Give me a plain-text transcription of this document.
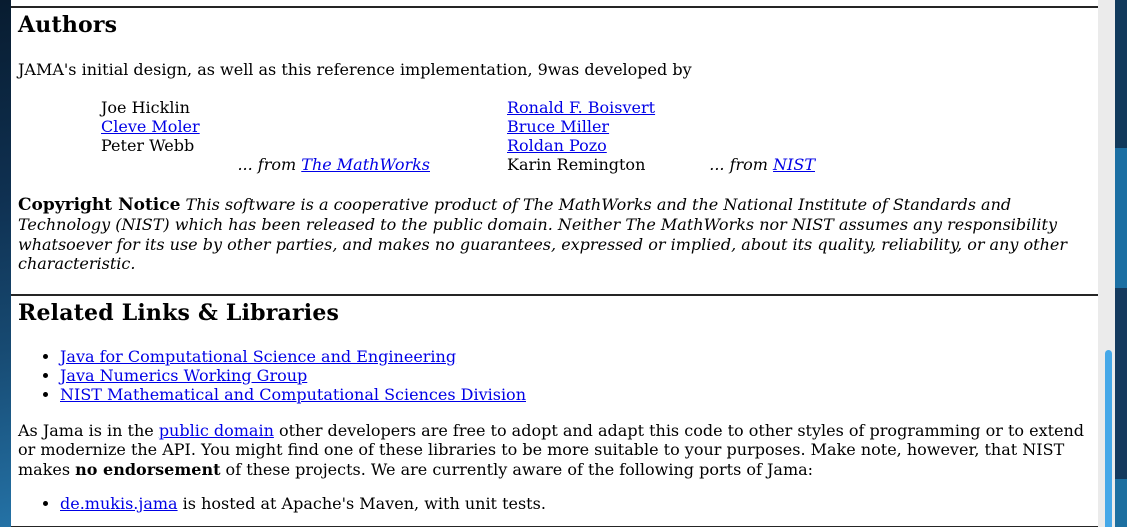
Authors

JAMA's initial design, as well as this reference implementation, 9was developed by

Joe Hicklin
Cleve Moler
Peter Webb
... from The MathWorks
Ronald F. Boisvert
Bruce Miller
Roldan Pozo
Karin Remington	... from NIST

Copyright Notice This software is a cooperative product of The MathWorks and the National Institute of Standards and Technology (NIST) which has been released to the public domain. Neither The MathWorks nor NIST assumes any responsibility whatsoever for its use by other parties, and makes no guarantees, expressed or implied, about its quality, reliability, or any other characteristic.

Related Links & Libraries
• Java for Computational Science and Engineering
• Java Numerics Working Group
• NIST Mathematical and Computational Sciences Division

As Jama is in the public domain other developers are free to adopt and adapt this code to other styles of programming or to extend or modernize the API. You might find one of these libraries to be more suitable to your purposes. Make note, however, that NIST makes no endorsement of these projects. We are currently aware of the following ports of Jama:

• de.mukis.jama is hosted at Apache's Maven, with unit tests.
